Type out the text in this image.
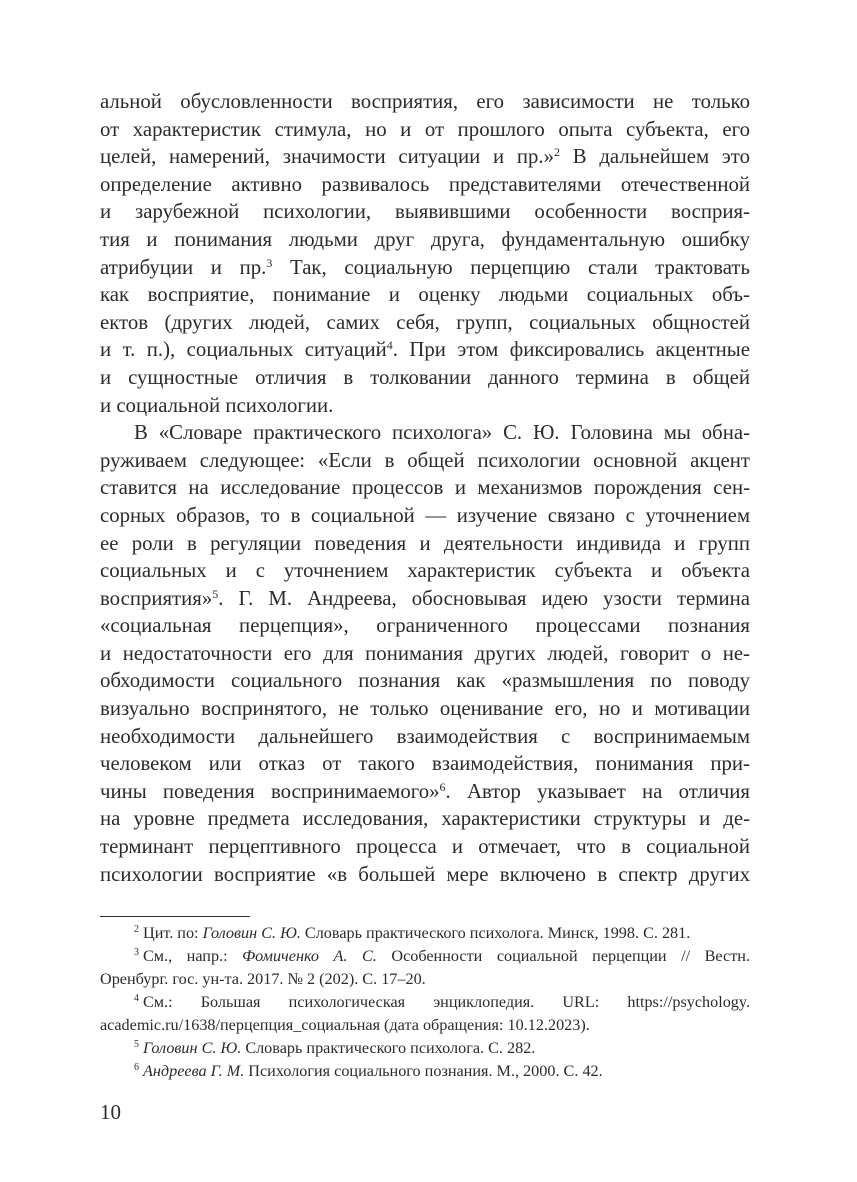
альной обусловленности восприятия, его зависимости не только
от характеристик стимула, но и от прошлого опыта субъекта, его
целей, намерений, значимости ситуации и пр.»$^2$ В дальнейшем это
определение активно развивалось представителями отечественной
и зарубежной психологии, выявившими особенности восприя-
тия и понимания людьми друг друга, фундаментальную ошибку
атрибуции и пр.$^3$ Так, социальную перцепцию стали трактовать
как восприятие, понимание и оценку людьми социальных объ-
ектов (других людей, самих себя, групп, социальных общностей
и т. п.), социальных ситуаций$^4$. При этом фиксировались акцентные
и сущностные отличия в толковании данного термина в общей
и социальной психологии.
В «Словаре практического психолога» С. Ю. Головина мы обна-
руживаем следующее: «Если в общей психологии основной акцент
ставится на исследование процессов и механизмов порождения сен-
сорных образов, то в социальной — изучение связано с уточнением
ее роли в регуляции поведения и деятельности индивида и групп
социальных и с уточнением характеристик субъекта и объекта
восприятия»$^5$. Г. М. Андреева, обосновывая идею узости термина
«социальная перцепция», ограниченного процессами познания
и недостаточности его для понимания других людей, говорит о не-
обходимости социального познания как «размышления по поводу
визуально воспринятого, не только оценивание его, но и мотивации
необходимости дальнейшего взаимодействия с воспринимаемым
человеком или отказ от такого взаимодействия, понимания при-
чины поведения воспринимаемого»$^6$. Автор указывает на отличия
на уровне предмета исследования, характеристики структуры и де-
терминант перцептивного процесса и отмечает, что в социальной
психологии восприятие «в большей мере включено в спектр других
$^2$ Цит. по: Головин С. Ю. Словарь практического психолога. Минск, 1998. С. 281.
$^3$ См., напр.: Фомиченко А. С. Особенности социальной перцепции // Вестн.
Оренбург. гос. ун-та. 2017. № 2 (202). С. 17–20.
$^4$ См.: Большая психологическая энциклопедия. URL: https://psychology.
academic.ru/1638/перцепция_социальная (дата обращения: 10.12.2023).
$^5$ Головин С. Ю. Словарь практического психолога. С. 282.
$^6$ Андреева Г. М. Психология социального познания. М., 2000. С. 42.
10
